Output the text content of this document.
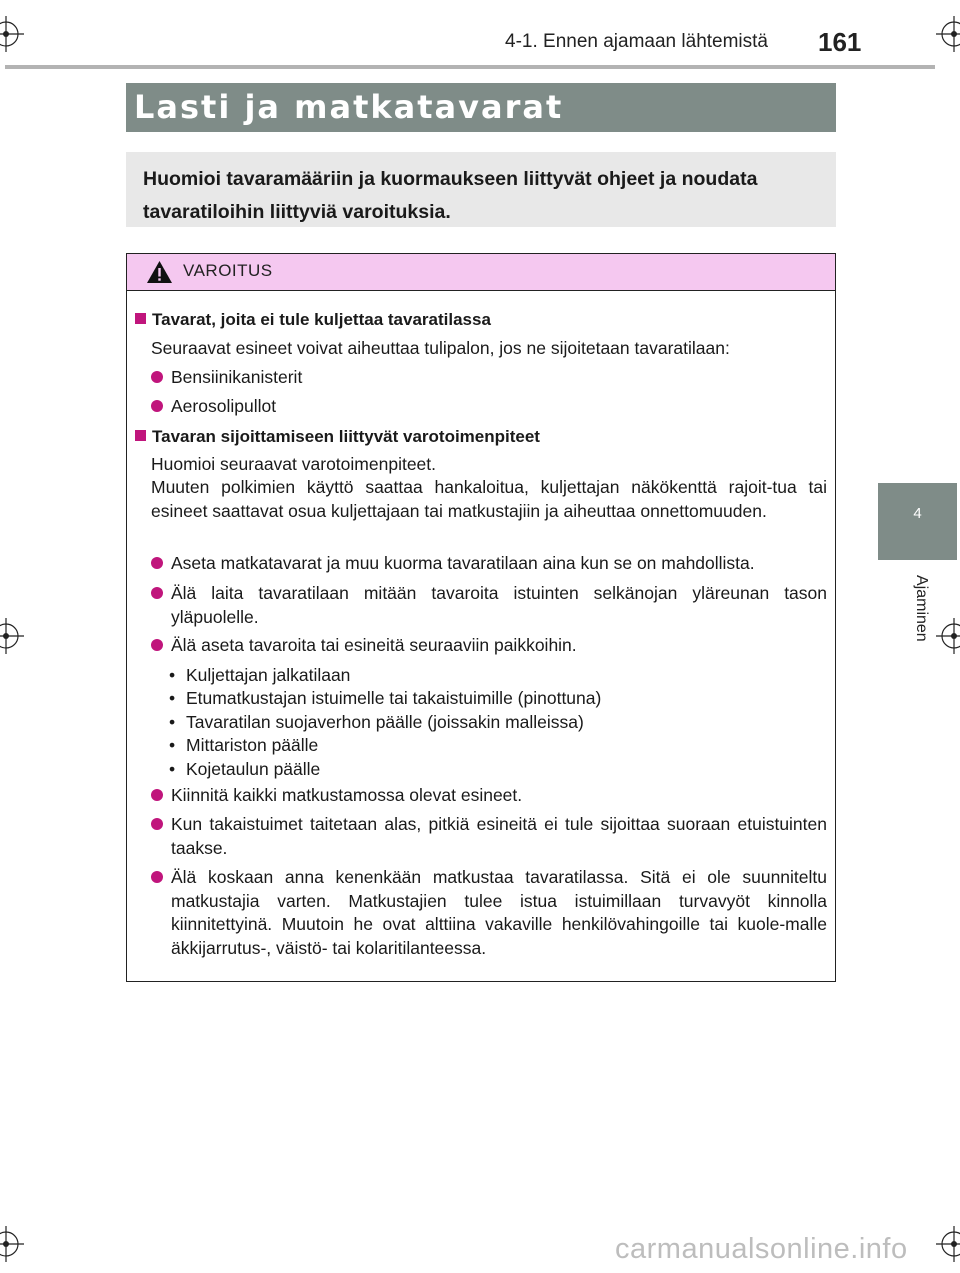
4-1. Ennen ajamaan lähtemistä 161
Lasti ja matkatavarat
Huomioi tavaramääriin ja kuormaukseen liittyvät ohjeet ja noudata tavaratiloihin liittyviä varoituksia.
4
Ajaminen
VAROITUS
Tavarat, joita ei tule kuljettaa tavaratilassa
Seuraavat esineet voivat aiheuttaa tulipalon, jos ne sijoitetaan tavaratilaan:
Bensiinikanisterit
Aerosolipullot
Tavaran sijoittamiseen liittyvät varotoimenpiteet
Huomioi seuraavat varotoimenpiteet.
Muuten polkimien käyttö saattaa hankaloitua, kuljettajan näkökenttä rajoit-tua tai esineet saattavat osua kuljettajaan tai matkustajiin ja aiheuttaa onnettomuuden.
Aseta matkatavarat ja muu kuorma tavaratilaan aina kun se on mahdollista.
Älä laita tavaratilaan mitään tavaroita istuinten selkänojan yläreunan tason yläpuolelle.
Älä aseta tavaroita tai esineitä seuraaviin paikkoihin.
• Kuljettajan jalkatilaan
• Etumatkustajan istuimelle tai takaistuimille (pinottuna)
• Tavaratilan suojaverhon päälle (joissakin malleissa)
• Mittariston päälle
• Kojetaulun päälle
Kiinnitä kaikki matkustamossa olevat esineet.
Kun takaistuimet taitetaan alas, pitkiä esineitä ei tule sijoittaa suoraan etuistuinten taakse.
Älä koskaan anna kenenkään matkustaa tavaratilassa. Sitä ei ole suunniteltu matkustajia varten. Matkustajien tulee istua istuimillaan turvavyöt kinnolla kiinnitettyinä. Muutoin he ovat alttiina vakaville henkilövahingoille tai kuole-malle äkkijarrutus-, väistö- tai kolaritilanteessa.
carmanualsonline.info
